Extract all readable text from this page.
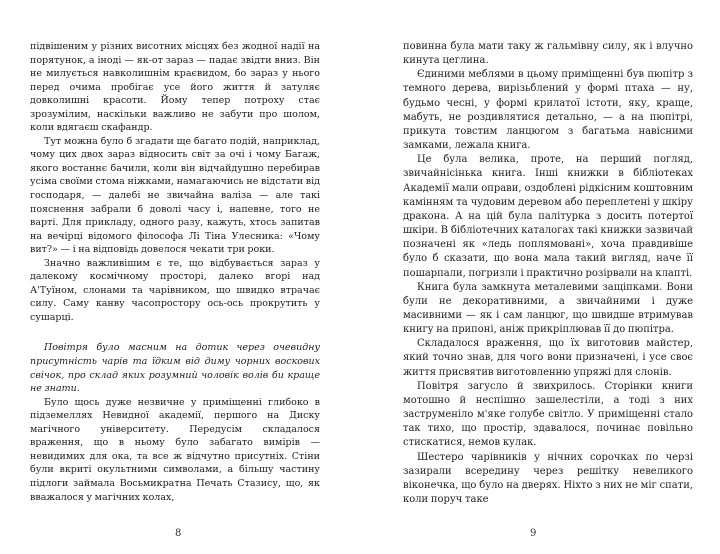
підвішеним у різних висотних місцях без жодної надії на порятунок, а іноді — як-от зараз — падає звідти вниз. Він не милується навколишнім краєвидом, бо зараз у нього перед очима пробігає усе його життя й затуляє довколишні красоти. Йому тепер потроху стає зрозумілим, наскільки важливо не забути про шолом, коли вдягаєш скафандр.

Тут можна було б згадати ще багато подій, наприклад, чому цих двох зараз відносить світ за очі і чому Багаж, якого востаннє бачили, коли він відчайдушно перебирав усіма своїми стома ніжками, намагаючись не відстати від господаря, — далебі не звичайна валіза — але такі пояснення забрали б доволі часу і, напевне, того не варті. Для прикладу, одного разу, кажуть, хтось запитав на вечірці відомого філософа Лі Тіна Улесника: «Чому вит?» — і на відповідь довелося чекати три роки.

Значно важливішим є те, що відбувається зараз у далекому космічному просторі, далеко вгорі над А'Туїном, слонами та чарівником, що швидко втрачає силу. Саму канву часопростору ось-ось прокрутить у сушарці.

Повітря було масним на дотик через очевидну присутність чарів та їдким від диму чорних воскових свічок, про склад яких розумний чоловік волів би краще не знати.

Було щось дуже незвичне у приміщенні глибоко в підземеллях Невидної академії, першого на Диску магічного університету. Передусім складалося враження, що в ньому було забагато вимірів — невидимих для ока, та все ж відчутно присутніх. Стіни були вкриті окультними символами, а більшу частину підлоги займала Восьмикратна Печать Стазису, що, як вважалося у магічних колах,

8

повинна була мати таку ж гальмівну силу, як і влучно кинута цеглина.

Єдиними меблями в цьому приміщенні був пюпітр з темного дерева, вирізьблений у формі птаха — ну, будьмо чесні, у формі крилатої істоти, яку, краще, мабуть, не роздивлятися детально, — а на пюпітрі, прикута товстим ланцюгом з багатьма навісними замками, лежала книга.

Це була велика, проте, на перший погляд, звичайнісінька книга. Інші книжки в бібліотеках Академії мали оправи, оздоблені рідкісним коштовним камінням та чудовим деревом або переплетені у шкіру дракона. А на цій була палітурка з досить потертої шкіри. В бібліотечних каталогах такі книжки зазвичай позначені як «ледь поплямовані», хоча правдивіше було б сказати, що вона мала такий вигляд, наче її пошарпали, погризли і практично розірвали на клапті.

Книга була замкнута металевими защіпками. Вони були не декоративними, а звичайними і дуже масивними — як і сам ланцюг, що швидше втримував книгу на припоні, аніж прикріплював її до пюпітра.

Складалося враження, що їх виготовив майстер, який точно знав, для чого вони призначені, і усе своє життя присвятив виготовленню упряжі для слонів.

Повітря загусло й звихрилось. Сторінки книги мотошно й неспішно зашелестіли, а тоді з них заструменіло м'яке голубе світло. У приміщенні стало так тихо, що простір, здавалося, починає повільно стискатися, немов кулак.

Шестеро чарівників у нічних сорочках по черзі зазирали всередину через решітку невеликого віконечка, що було на дверях. Ніхто з них не міг спати, коли поруч таке

9
